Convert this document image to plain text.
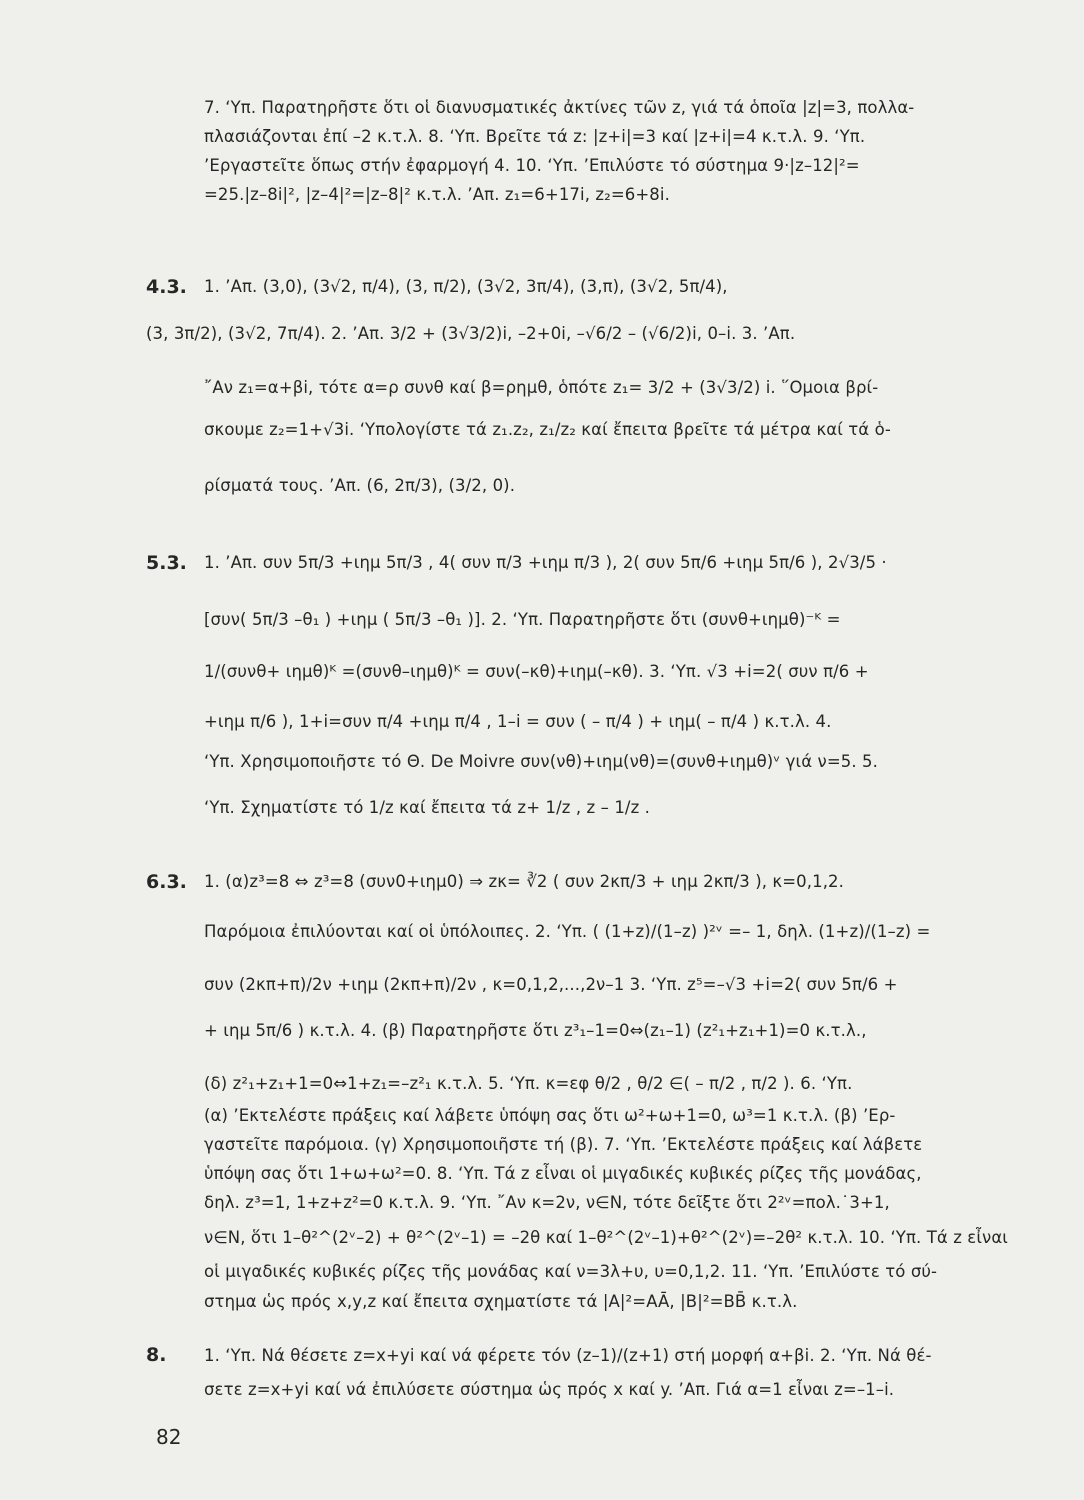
7. ‘Υπ. Παρατηρῆστε ὅτι οἱ διανυσματικές ἀκτίνες τῶν z, γιά τά ὁποῖα |z|=3, πολλα-
πλασιάζονται ἐπί –2 κ.τ.λ. 8. ‘Υπ. Βρεῖτε τά z: |z+i|=3 καί |z+i|=4 κ.τ.λ. 9. ‘Υπ.
’Εργαστεῖτε ὅπως στήν ἐφαρμογή 4. 10. ‘Υπ. ’Επιλύστε τό σύστημα 9·|z–12|²=
=25.|z–8i|², |z–4|²=|z–8|² κ.τ.λ. ’Απ. z₁=6+17i, z₂=6+8i.
4.3. 1. ’Απ. (3,0), (3√2, π/4), (3, π/2), (3√2, 3π/4), (3,π), (3√2, 5π/4),
(3, 3π/2), (3√2, 7π/4). 2. ’Απ. 3/2 + (3√3/2)i, –2+0i, –√6/2 – (√6/2)i, 0–i. 3. ’Απ.
῎Αν z₁=α+βi, τότε α=ρ συνθ καί β=ρημθ, ὁπότε z₁= 3/2 + (3√3/2) i. ῞Ομοια βρί-
σκουμε z₂=1+√3i. ‘Υπολογίστε τά z₁.z₂, z₁/z₂ καί ἔπειτα βρεῖτε τά μέτρα καί τά ὁ-
ρίσματά τους. ’Απ. (6, 2π/3), (3/2, 0).
5.3. 1. ’Απ. συν 5π/3 +ιημ 5π/3 , 4( συν π/3 +ιημ π/3 ), 2( συν 5π/6 +ιημ 5π/6 ), 2√3/5 ·
[συν( 5π/3 –θ₁ ) +ιημ ( 5π/3 –θ₁ )]. 2. ‘Υπ. Παρατηρῆστε ὅτι (συνθ+ιημθ)⁻ᴷ =
1/(συνθ+ ιημθ)ᴷ =(συνθ–ιημθ)ᴷ = συν(–κθ)+ιημ(–κθ). 3. ‘Υπ. √3 +i=2( συν π/6 +
+ιημ π/6 ), 1+i=συν π/4 +ιημ π/4 , 1–i = συν ( – π/4 ) + ιημ( – π/4 ) κ.τ.λ. 4.
‘Υπ. Χρησιμοποιῆστε τό Θ. De Moivre συν(νθ)+ιημ(νθ)=(συνθ+ιημθ)ᵛ γιά ν=5. 5.
‘Υπ. Σχηματίστε τό 1/z καί ἔπειτα τά z+ 1/z , z – 1/z .
6.3. 1. (α)z³=8 ⇔ z³=8 (συν0+ιημ0) ⇒ zκ= ∛2 ( συν 2κπ/3 + ιημ 2κπ/3 ), κ=0,1,2.
Παρόμοια ἐπιλύονται καί οἱ ὑπόλοιπες. 2. ‘Υπ. ( (1+z)/(1–z) )²ᵛ =– 1, δηλ. (1+z)/(1–z) =
συν (2κπ+π)/2ν +ιημ (2κπ+π)/2ν , κ=0,1,2,...,2ν–1 3. ‘Υπ. z⁵=–√3 +i=2( συν 5π/6 +
+ ιημ 5π/6 ) κ.τ.λ. 4. (β) Παρατηρῆστε ὅτι z³₁–1=0⇔(z₁–1) (z²₁+z₁+1)=0 κ.τ.λ.,
(δ) z²₁+z₁+1=0⇔1+z₁=–z²₁ κ.τ.λ. 5. ‘Υπ. κ=εφ θ/2 , θ/2 ∈( – π/2 , π/2 ). 6. ‘Υπ.
(α) ’Εκτελέστε πράξεις καί λάβετε ὑπόψη σας ὅτι ω²+ω+1=0, ω³=1 κ.τ.λ. (β) ’Ερ-
γαστεῖτε παρόμοια. (γ) Χρησιμοποιῆστε τή (β). 7. ‘Υπ. ’Εκτελέστε πράξεις καί λάβετε
ὑπόψη σας ὅτι 1+ω+ω²=0. 8. ‘Υπ. Τά z εἶναι οἱ μιγαδικές κυβικές ρίζες τῆς μονάδας,
δηλ. z³=1, 1+z+z²=0 κ.τ.λ. 9. ‘Υπ. ῎Αν κ=2ν, ν∈N, τότε δεῖξτε ὅτι 2²ᵛ=πολ.˙3+1,
ν∈N, ὅτι 1–θ²^(2ᵛ–2) + θ²^(2ᵛ–1) = –2θ καί 1–θ²^(2ᵛ–1)+θ²^(2ᵛ)=–2θ² κ.τ.λ. 10. ‘Υπ. Τά z εἶναι
οἱ μιγαδικές κυβικές ρίζες τῆς μονάδας καί ν=3λ+υ, υ=0,1,2. 11. ‘Υπ. ’Επιλύστε τό σύ-
στημα ὡς πρός x,y,z καί ἔπειτα σχηματίστε τά |A|²=AĀ, |B|²=BB̄ κ.τ.λ.
8. 1. ‘Υπ. Νά θέσετε z=x+yi καί νά φέρετε τόν (z–1)/(z+1) στή μορφή α+βi. 2. ‘Υπ. Νά θέ-
σετε z=x+yi καί νά ἐπιλύσετε σύστημα ὡς πρός x καί y. ’Απ. Γιά α=1 εἶναι z=–1–i.
82
